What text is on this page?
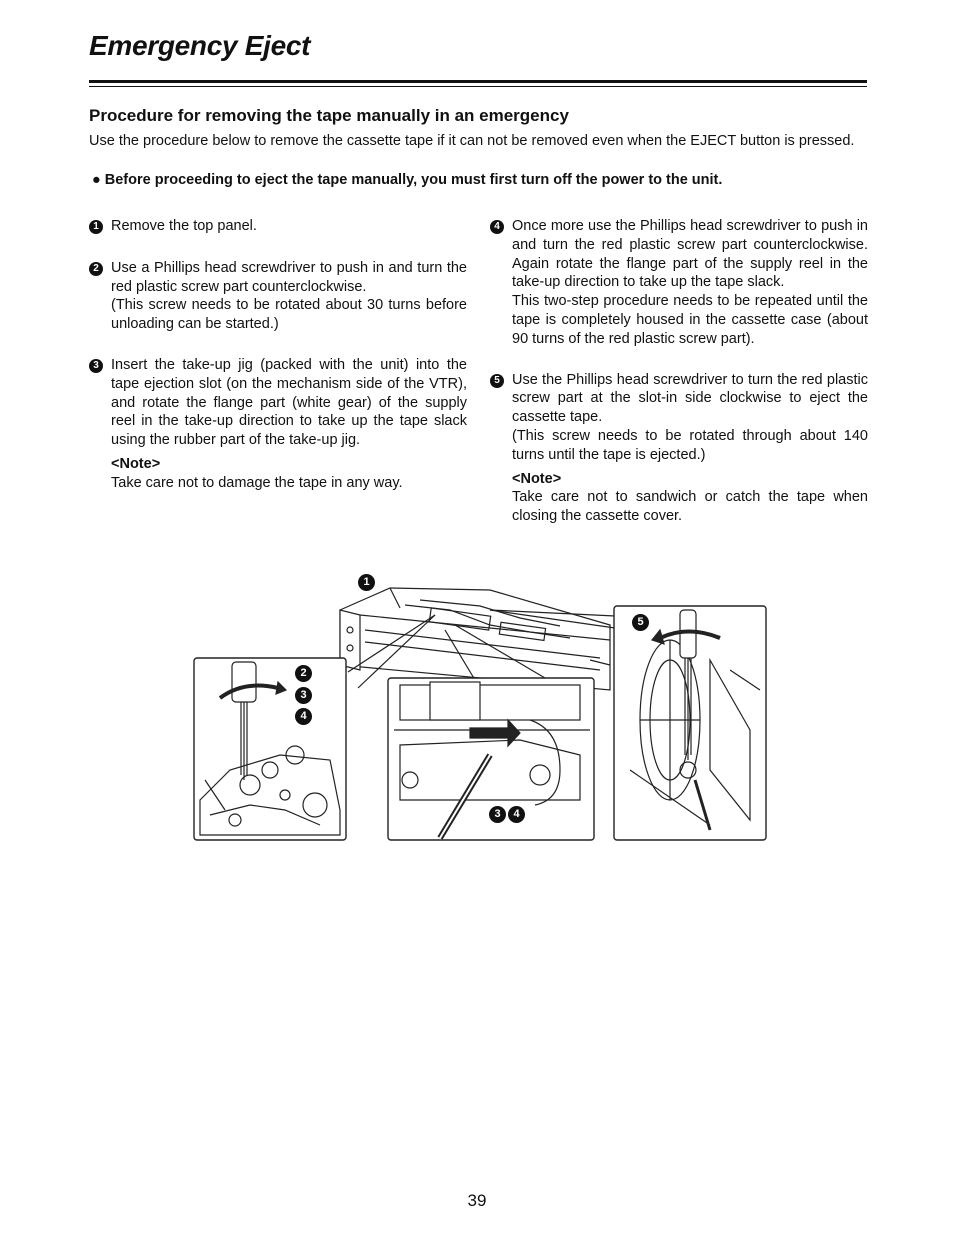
Emergency Eject
Procedure for removing the tape manually in an emergency

Use the procedure below to remove the cassette tape if it can not be removed even when the EJECT button is pressed.

● Before proceeding to eject the tape manually, you must first turn off the power to the unit.

1 Remove the top panel.

2 Use a Phillips head screwdriver to push in and turn the red plastic screw part counterclockwise.

(This screw needs to be rotated about 30 turns before unloading can be started.)

3 Insert the take-up jig (packed with the unit) into the tape ejection slot (on the mechanism side of the VTR), and rotate the flange part (white gear) of the supply reel in the take-up direction to take up the tape slack using the rubber part of the take-up jig.

<Note>

Take care not to damage the tape in any way.

4 Once more use the Phillips head screwdriver to push in and turn the red plastic screw part counterclockwise. Again rotate the flange part of the supply reel in the take-up direction to take up the tape slack.

This two-step procedure needs to be repeated until the tape is completely housed in the cassette case (about 90 turns of the red plastic screw part).

5 Use the Phillips head screwdriver to turn the red plastic screw part at the slot-in side clockwise to eject the cassette tape.

(This screw needs to be rotated through about 140 turns until the tape is ejected.)

<Note>

Take care not to sandwich or catch the tape when closing the cassette cover.

1
2
3
4
3	4
5
39
